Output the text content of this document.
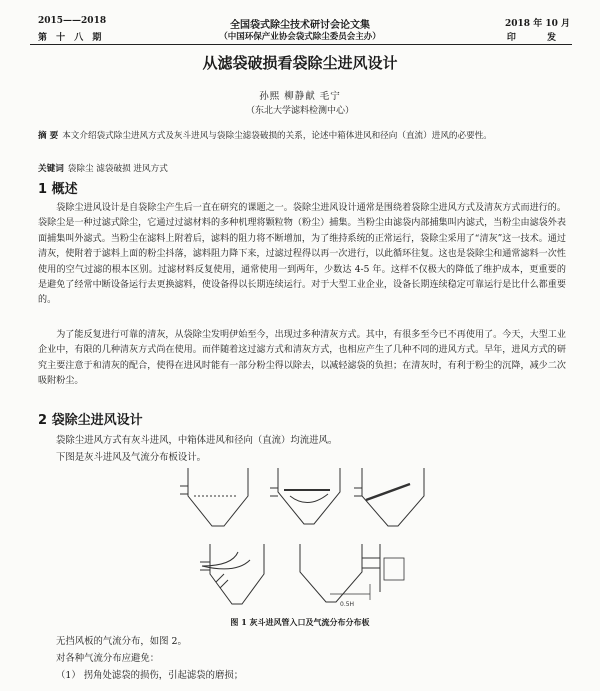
2015——2018
第 十 八 期
全国袋式除尘技术研讨会论文集
（中国环保产业协会袋式除尘委员会主办）
2018 年 10 月
印 发
从滤袋破损看袋除尘进风设计
孙熙 柳静献 毛宁
（东北大学滤料检测中心）
摘 要 本文介绍袋式除尘进风方式及灰斗进风与袋除尘滤袋破损的关系，论述中箱体进风和径向（直流）进风的必要性。
关键词 袋除尘 滤袋破损 进风方式
1 概述
袋除尘进风设计是自袋除尘产生后一直在研究的课题之一。袋除尘进风设计通常是围绕着袋除尘进风方式及清灰方式而进行的。袋除尘是一种过滤式除尘，它通过过滤材料的多种机理将颗粒物（粉尘）捕集。当粉尘由滤袋内部捕集叫内滤式，当粉尘由滤袋外表面捕集叫外滤式。当粉尘在滤料上附着后，滤料的阻力将不断增加，为了维持系统的正常运行，袋除尘采用了“清灰”这一技术。通过清灰，使附着于滤料上面的粉尘抖落，滤料阻力降下来，过滤过程得以再一次进行，以此循环往复。这也是袋除尘和通常滤料一次性使用的空气过滤的根本区别。过滤材料反复使用，通常使用一到两年，少数达 4-5 年。这样不仅极大的降低了维护成本，更重要的是避免了经常中断设备运行去更换滤料，使设备得以长期连续运行。对于大型工业企业，设备长期连续稳定可靠运行是比什么都重要的。
为了能反复进行可靠的清灰，从袋除尘发明伊始至今，出现过多种清灰方式。其中，有很多至今已不再使用了。今天，大型工业企业中，有限的几种清灰方式尚在使用。而伴随着这过滤方式和清灰方式，也相应产生了几种不同的进风方式。早年，进风方式的研究主要注意于和清灰的配合，使得在进风时能有一部分粉尘得以除去，以减轻滤袋的负担；在清灰时，有利于粉尘的沉降，减少二次吸附粉尘。
2 袋除尘进风设计
袋除尘进风方式有灰斗进风，中箱体进风和径向（直流）均流进风。
下图是灰斗进风及气流分布板设计。
0.5H
图 1 灰斗进风管入口及气流分布分布板
无挡风板的气流分布，如图 2。
对各种气流分布应避免：
（1） 拐角处滤袋的损伤，引起滤袋的磨损；
